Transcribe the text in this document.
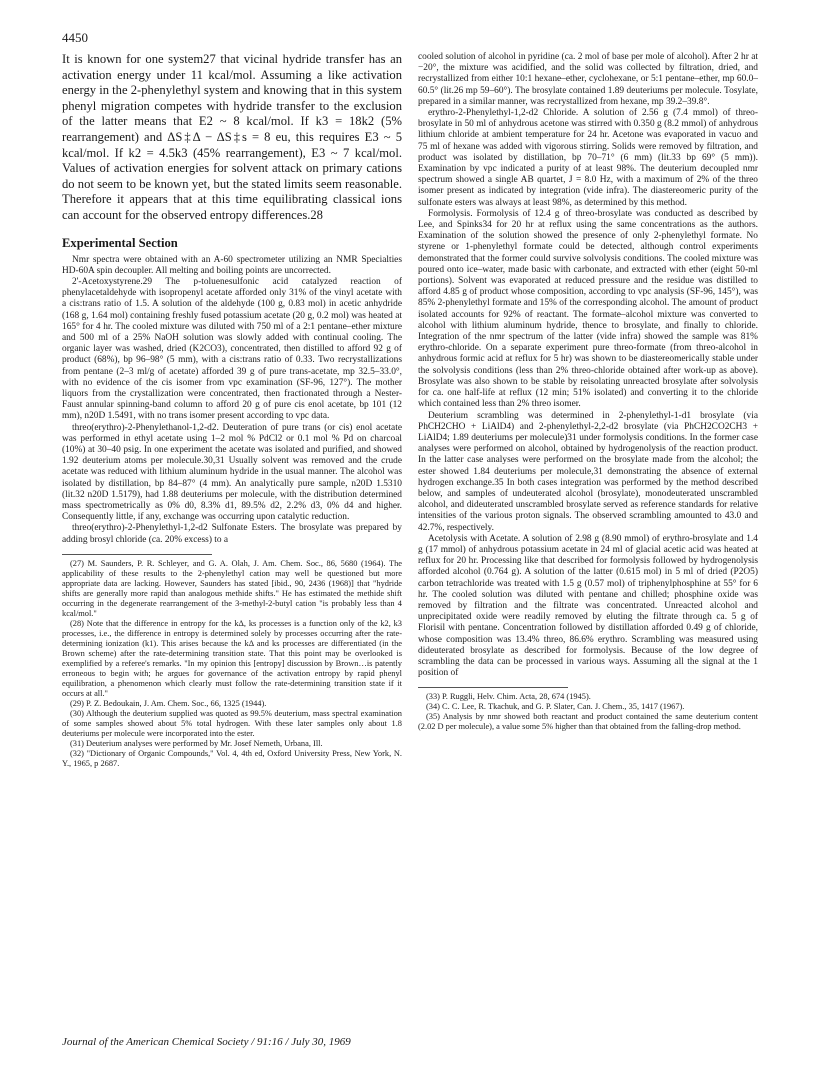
4450

It is known for one system27 that vicinal hydride transfer has an activation energy under 11 kcal/mol. Assuming a like activation energy in the 2-phenylethyl system and knowing that in this system phenyl migration competes with hydride transfer to the exclusion of the latter means that E2 ~ 8 kcal/mol. If k3 = 18k2 (5% rearrangement) and ΔS‡Δ − ΔS‡s = 8 eu, this requires E3 ~ 5 kcal/mol. If k2 = 4.5k3 (45% rearrangement), E3 ~ 7 kcal/mol. Values of activation energies for solvent attack on primary cations do not seem to be known yet, but the stated limits seem reasonable. Therefore it appears that at this time equilibrating classical ions can account for the observed entropy differences.28

Experimental Section

Nmr spectra were obtained with an A-60 spectrometer utilizing an NMR Specialties HD-60A spin decoupler. All melting and boiling points are uncorrected.

2'-Acetoxystyrene.29 The p-toluenesulfonic acid catalyzed reaction of phenylacetaldehyde with isopropenyl acetate afforded only 31% of the vinyl acetate with a cis:trans ratio of 1.5. A solution of the aldehyde (100 g, 0.83 mol) in acetic anhydride (168 g, 1.64 mol) containing freshly fused potassium acetate (20 g, 0.2 mol) was heated at 165° for 4 hr. The cooled mixture was diluted with 750 ml of a 2:1 pentane–ether mixture and 500 ml of a 25% NaOH solution was slowly added with continual cooling. The organic layer was washed, dried (K2CO3), concentrated, then distilled to afford 92 g of product (68%), bp 96–98° (5 mm), with a cis:trans ratio of 0.33. Two recrystallizations from pentane (2–3 ml/g of acetate) afforded 39 g of pure trans-acetate, mp 32.5–33.0°, with no evidence of the cis isomer from vpc examination (SF-96, 127°). The mother liquors from the crystallization were concentrated, then fractionated through a Nester-Faust annular spinning-band column to afford 20 g of pure cis enol acetate, bp 101 (12 mm), n20D 1.5491, with no trans isomer present according to vpc data.

threo(erythro)-2-Phenylethanol-1,2-d2. Deuteration of pure trans (or cis) enol acetate was performed in ethyl acetate using 1–2 mol % PdCl2 or 0.1 mol % Pd on charcoal (10%) at 30–40 psig. In one experiment the acetate was isolated and purified, and showed 1.92 deuterium atoms per molecule.30,31 Usually solvent was removed and the crude acetate was reduced with lithium aluminum hydride in the usual manner. The alcohol was isolated by distillation, bp 84–87° (4 mm). An analytically pure sample, n20D 1.5310 (lit.32 n20D 1.5179), had 1.88 deuteriums per molecule, with the distribution determined mass spectrometrically as 0% d0, 8.3% d1, 89.5% d2, 2.2% d3, 0% d4 and higher. Consequently little, if any, exchange was occurring upon catalytic reduction.

threo(erythro)-2-Phenylethyl-1,2-d2 Sulfonate Esters. The brosylate was prepared by adding brosyl chloride (ca. 20% excess) to a

(27) M. Saunders, P. R. Schleyer, and G. A. Olah, J. Am. Chem. Soc., 86, 5680 (1964). The applicability of these results to the 2-phenylethyl cation may well be questioned but more appropriate data are lacking. However, Saunders has stated [ibid., 90, 2436 (1968)] that "hydride shifts are generally more rapid than analogous methide shifts." He has estimated the methide shift occurring in the degenerate rearrangement of the 3-methyl-2-butyl cation "is probably less than 4 kcal/mol."

(28) Note that the difference in entropy for the kΔ, ks processes is a function only of the k2, k3 processes, i.e., the difference in entropy is determined solely by processes occurring after the rate-determining ionization (k1). This arises because the kΔ and ks processes are differentiated (in the Brown scheme) after the rate-determining transition state. That this point may be overlooked is exemplified by a referee's remarks. "In my opinion this [entropy] discussion by Brown…is patently erroneous to begin with; he argues for governance of the activation entropy by rapid phenyl equilibration, a phenomenon which clearly must follow the rate-determining transition state if it occurs at all."

(29) P. Z. Bedoukain, J. Am. Chem. Soc., 66, 1325 (1944).

(30) Although the deuterium supplied was quoted as 99.5% deuterium, mass spectral examination of some samples showed about 5% total hydrogen. With these later samples only about 1.8 deuteriums per molecule were incorporated into the ester.

(31) Deuterium analyses were performed by Mr. Josef Nemeth, Urbana, Ill.

(32) "Dictionary of Organic Compounds," Vol. 4, 4th ed, Oxford University Press, New York, N. Y., 1965, p 2687.

cooled solution of alcohol in pyridine (ca. 2 mol of base per mole of alcohol). After 2 hr at −20°, the mixture was acidified, and the solid was collected by filtration, dried, and recrystallized from either 10:1 hexane–ether, cyclohexane, or 5:1 pentane–ether, mp 60.0–60.5° (lit.26 mp 59–60°). The brosylate contained 1.89 deuteriums per molecule. Tosylate, prepared in a similar manner, was recrystallized from hexane, mp 39.2–39.8°.

erythro-2-Phenylethyl-1,2-d2 Chloride. A solution of 2.56 g (7.4 mmol) of threo-brosylate in 50 ml of anhydrous acetone was stirred with 0.350 g (8.2 mmol) of anhydrous lithium chloride at ambient temperature for 24 hr. Acetone was evaporated in vacuo and 75 ml of hexane was added with vigorous stirring. Solids were removed by filtration, and product was isolated by distillation, bp 70–71° (6 mm) (lit.33 bp 69° (5 mm)). Examination by vpc indicated a purity of at least 98%. The deuterium decoupled nmr spectrum showed a single AB quartet, J = 8.0 Hz, with a maximum of 2% of the threo isomer present as indicated by integration (vide infra). The diastereomeric purity of the sulfonate esters was always at least 98%, as determined by this method.

Formolysis. Formolysis of 12.4 g of threo-brosylate was conducted as described by Lee, and Spinks34 for 20 hr at reflux using the same concentrations as the authors. Examination of the solution showed the presence of only 2-phenylethyl formate. No styrene or 1-phenylethyl formate could be detected, although control experiments demonstrated that the former could survive solvolysis conditions. The cooled mixture was poured onto ice–water, made basic with carbonate, and extracted with ether (eight 50-ml portions). Solvent was evaporated at reduced pressure and the residue was distilled to afford 4.85 g of product whose composition, according to vpc analysis (SF-96, 145°), was 85% 2-phenylethyl formate and 15% of the corresponding alcohol. The amount of product isolated accounts for 92% of reactant. The formate–alcohol mixture was converted to alcohol with lithium aluminum hydride, thence to brosylate, and finally to chloride. Integration of the nmr spectrum of the latter (vide infra) showed the sample was 81% erythro-chloride. On a separate experiment pure threo-formate (from threo-alcohol in anhydrous formic acid at reflux for 5 hr) was shown to be diastereomerically stable under the solvolysis conditions (less than 2% threo-chloride obtained after work-up as above). Brosylate was also shown to be stable by reisolating unreacted brosylate after solvolysis for ca. one half-life at reflux (12 min; 51% isolated) and converting it to the chloride which contained less than 2% threo isomer.

Deuterium scrambling was determined in 2-phenylethyl-1-d1 brosylate (via PhCH2CHO + LiAlD4) and 2-phenylethyl-2,2-d2 brosylate (via PhCH2CO2CH3 + LiAlD4; 1.89 deuteriums per molecule)31 under formolysis conditions. In the former case analyses were performed on alcohol, obtained by hydrogenolysis of the reaction product. In the latter case analyses were performed on the brosylate made from the alcohol; the ester showed 1.84 deuteriums per molecule,31 demonstrating the absence of external hydrogen exchange.35 In both cases integration was performed by the method described below, and samples of undeuterated alcohol (brosylate), monodeuterated unscrambled alcohol, and dideuterated unscrambled brosylate served as reference standards for relative intensities of the various proton signals. The observed scrambling amounted to 43.0 and 42.7%, respectively.

Acetolysis with Acetate. A solution of 2.98 g (8.90 mmol) of erythro-brosylate and 1.4 g (17 mmol) of anhydrous potassium acetate in 24 ml of glacial acetic acid was heated at reflux for 20 hr. Processing like that described for formolysis followed by hydrogenolysis afforded alcohol (0.764 g). A solution of the latter (0.615 mol) in 5 ml of dried (P2O5) carbon tetrachloride was treated with 1.5 g (0.57 mol) of triphenylphosphine at 55° for 6 hr. The cooled solution was diluted with pentane and chilled; phosphine oxide was removed by filtration and the filtrate was concentrated. Unreacted alcohol and unprecipitated oxide were readily removed by eluting the filtrate through ca. 5 g of Florisil with pentane. Concentration followed by distillation afforded 0.49 g of chloride, whose composition was 13.4% threo, 86.6% erythro. Scrambling was measured using dideuterated brosylate as described for formolysis. Because of the low degree of scrambling the data can be processed in various ways. Assuming all the signal at the 1 position of

(33) P. Ruggli, Helv. Chim. Acta, 28, 674 (1945).

(34) C. C. Lee, R. Tkachuk, and G. P. Slater, Can. J. Chem., 35, 1417 (1967).

(35) Analysis by nmr showed both reactant and product contained the same deuterium content (2.02 D per molecule), a value some 5% higher than that obtained from the falling-drop method.

Journal of the American Chemical Society / 91:16 / July 30, 1969
